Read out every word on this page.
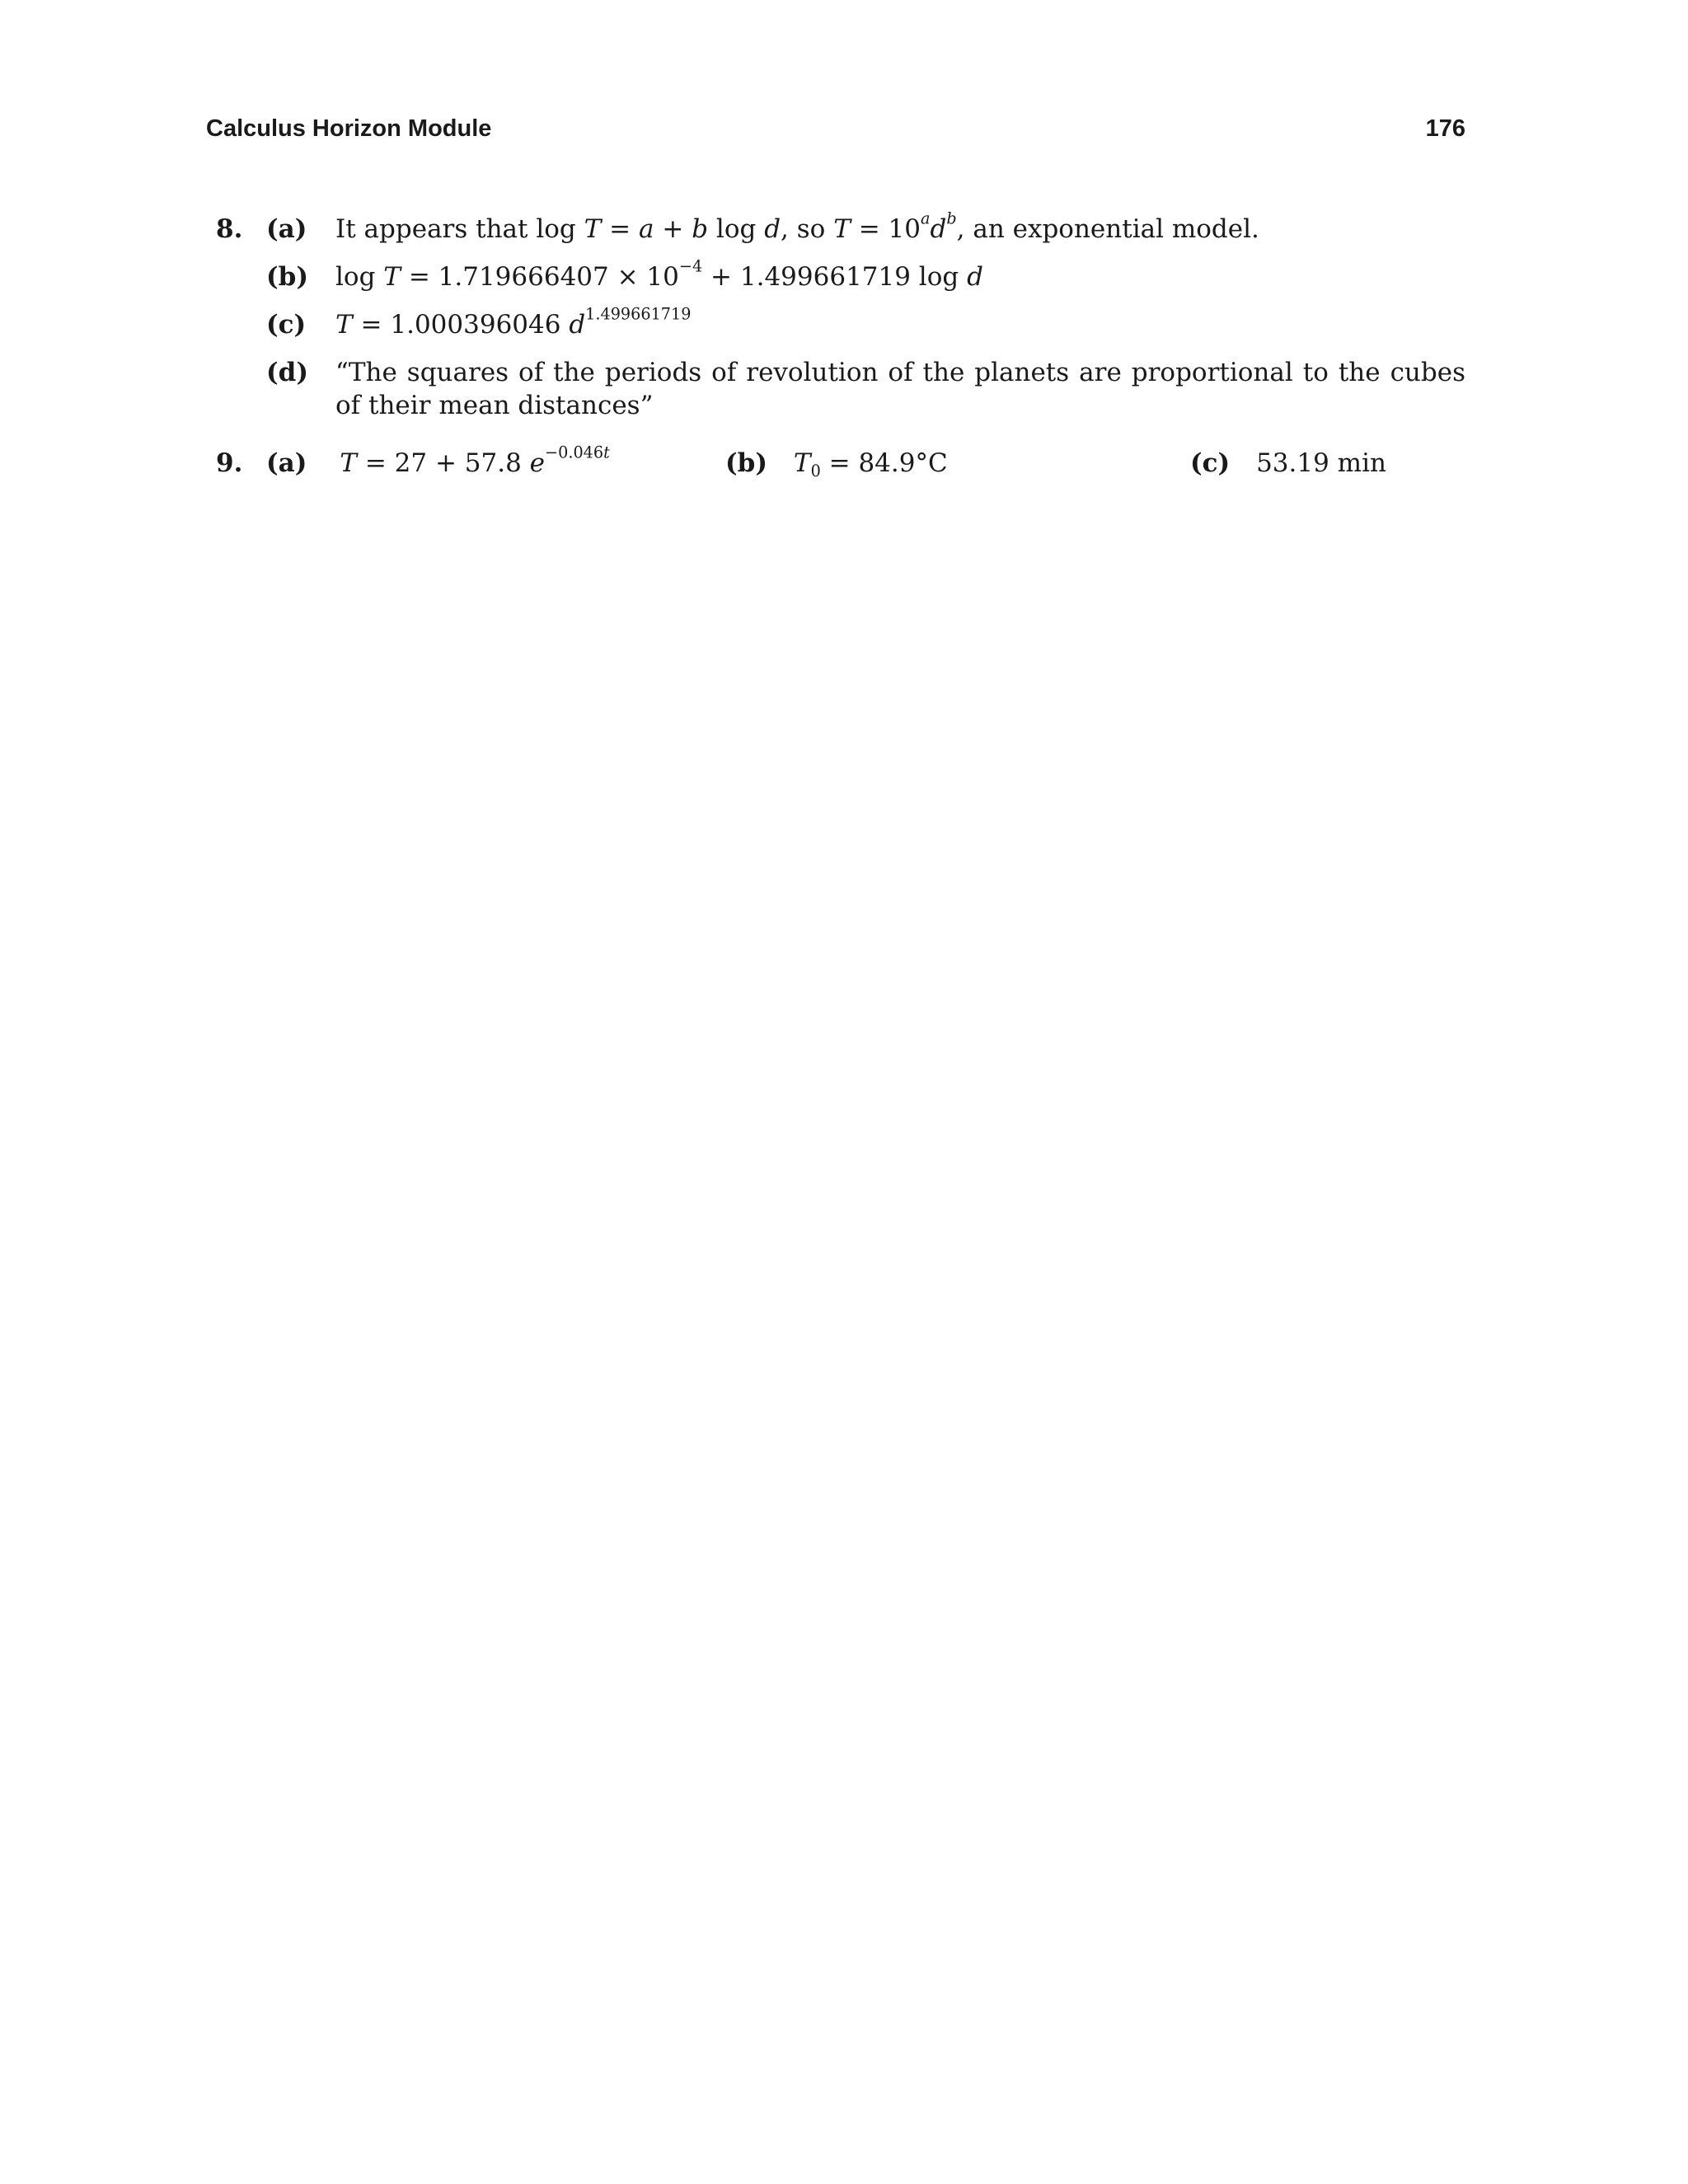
Calculus Horizon Module	176
8. (a) It appears that log T = a + b log d, so $T = 10^ad^b$, an exponential model.
(b) $\log T = 1.719666407 \times 10^{-4} + 1.499661719$ log d
(c) T = 1.000396046 $d^{1.499661719}$
(d) “The squares of the periods of revolution of the planets are proportional to the cubes of their mean distances”
9. (a) T = 27 + 57.8 $e^{-0.046t}$	(b) $T_0 = 84.9^\circ C$	(c) 53.19 min
